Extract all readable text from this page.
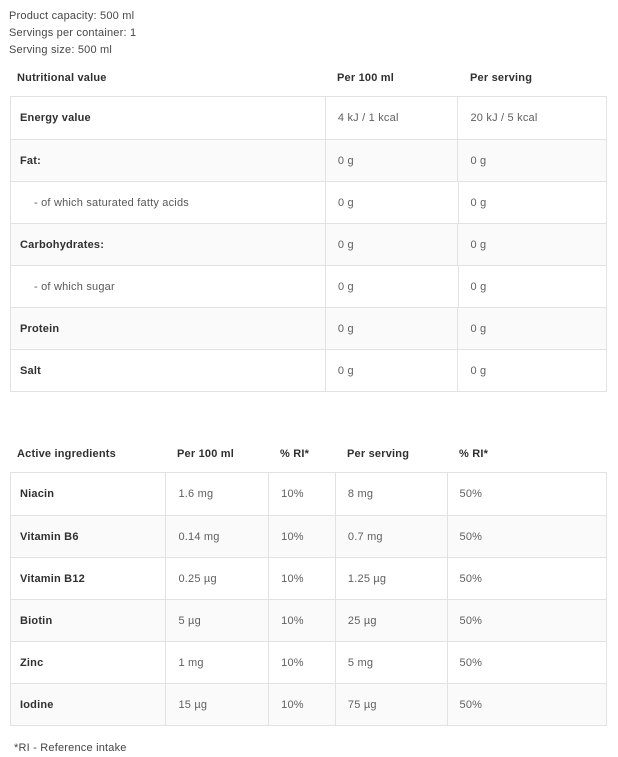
Product capacity: 500 ml
Servings per container: 1
Serving size: 500 ml
Nutritional value	Per 100 ml	Per serving
Energy value	4 kJ / 1 kcal	20 kJ / 5 kcal
Fat:	0 g	0 g
- of which saturated fatty acids	0 g	0 g
Carbohydrates:	0 g	0 g
- of which sugar	0 g	0 g
Protein	0 g	0 g
Salt	0 g	0 g
Active ingredients	Per 100 ml	% RI*	Per serving	% RI*
Niacin	1.6 mg	10%	8 mg	50%
Vitamin B6	0.14 mg	10%	0.7 mg	50%
Vitamin B12	0.25 µg	10%	1.25 µg	50%
Biotin	5 µg	10%	25 µg	50%
Zinc	1 mg	10%	5 mg	50%
Iodine	15 µg	10%	75 µg	50%
*RI - Reference intake
